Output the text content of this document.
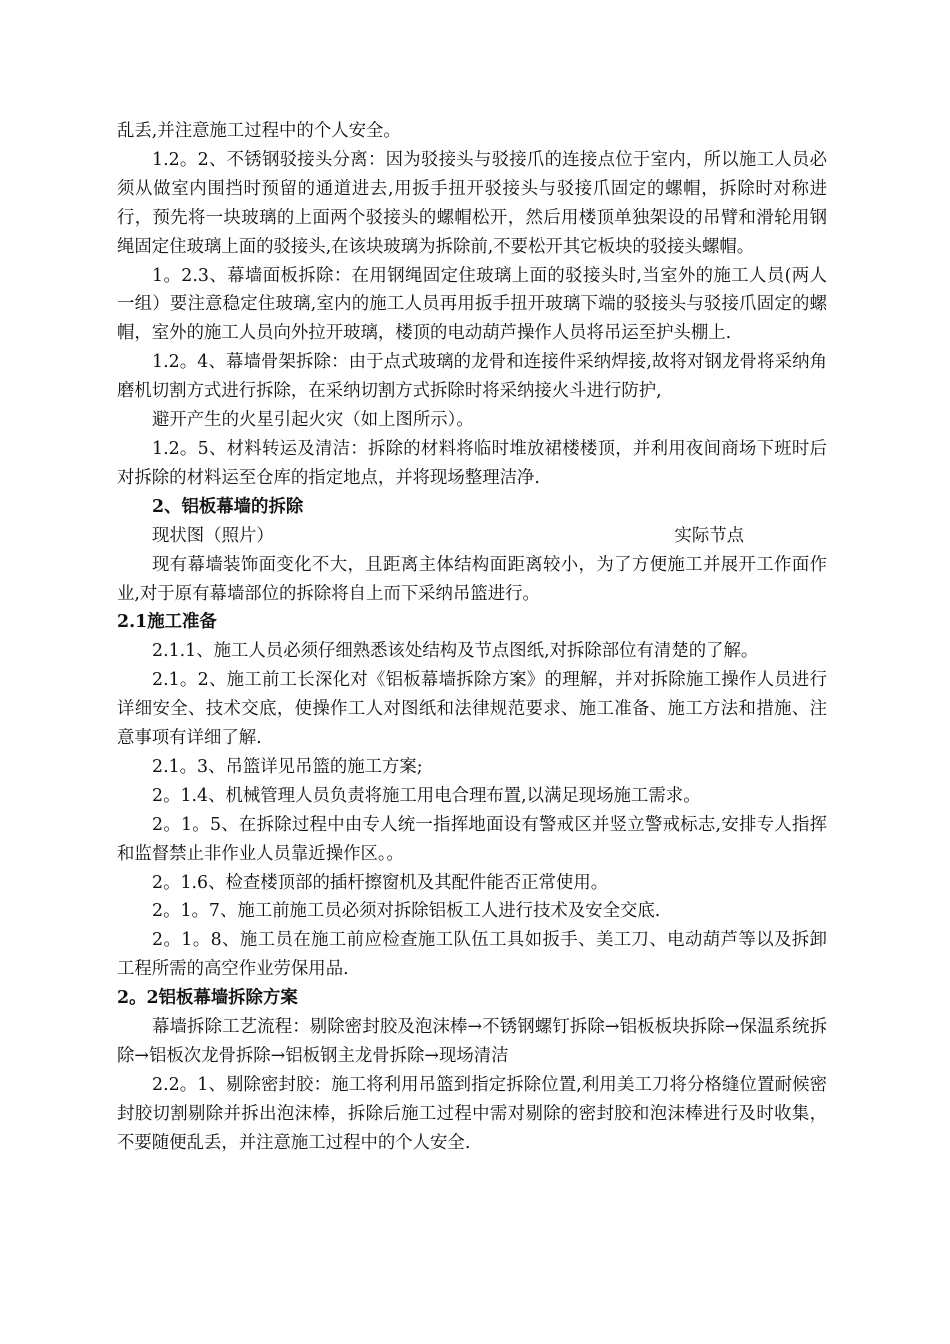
乱丢,并注意施工过程中的个人安全。

1.2。2、不锈钢驳接头分离：因为驳接头与驳接爪的连接点位于室内，所以施工人员必须从做室内围挡时预留的通道进去,用扳手扭开驳接头与驳接爪固定的螺帽，拆除时对称进行，预先将一块玻璃的上面两个驳接头的螺帽松开，然后用楼顶单独架设的吊臂和滑轮用钢绳固定住玻璃上面的驳接头,在该块玻璃为拆除前,不要松开其它板块的驳接头螺帽。

1。2.3、幕墙面板拆除：在用钢绳固定住玻璃上面的驳接头时,当室外的施工人员(两人一组）要注意稳定住玻璃,室内的施工人员再用扳手扭开玻璃下端的驳接头与驳接爪固定的螺帽，室外的施工人员向外拉开玻璃，楼顶的电动葫芦操作人员将吊运至护头棚上.

1.2。4、幕墙骨架拆除：由于点式玻璃的龙骨和连接件采纳焊接,故将对钢龙骨将采纳角磨机切割方式进行拆除，在采纳切割方式拆除时将采纳接火斗进行防护,

避开产生的火星引起火灾（如上图所示）。

1.2。5、材料转运及清洁：拆除的材料将临时堆放裙楼楼顶，并利用夜间商场下班时后对拆除的材料运至仓库的指定地点，并将现场整理洁净.

2、铝板幕墙的拆除

现状图（照片）	实际节点

现有幕墙装饰面变化不大，且距离主体结构面距离较小，为了方便施工并展开工作面作业,对于原有幕墙部位的拆除将自上而下采纳吊篮进行。

2.1施工准备

2.1.1、施工人员必须仔细熟悉该处结构及节点图纸,对拆除部位有清楚的了解。

2.1。2、施工前工长深化对《铝板幕墙拆除方案》的理解，并对拆除施工操作人员进行详细安全、技术交底，使操作工人对图纸和法律规范要求、施工准备、施工方法和措施、注意事项有详细了解.

2.1。3、吊篮详见吊篮的施工方案;

2。1.4、机械管理人员负责将施工用电合理布置,以满足现场施工需求。

2。1。5、在拆除过程中由专人统一指挥地面设有警戒区并竖立警戒标志,安排专人指挥和监督禁止非作业人员靠近操作区。。

2。1.6、检查楼顶部的插杆擦窗机及其配件能否正常使用。

2。1。7、施工前施工员必须对拆除铝板工人进行技术及安全交底.

2。1。8、施工员在施工前应检查施工队伍工具如扳手、美工刀、电动葫芦等以及拆卸工程所需的高空作业劳保用品.

2。2铝板幕墙拆除方案

幕墙拆除工艺流程：剔除密封胶及泡沫棒→不锈钢螺钉拆除→铝板板块拆除→保温系统拆除→铝板次龙骨拆除→铝板钢主龙骨拆除→现场清洁

2.2。1、剔除密封胶：施工将利用吊篮到指定拆除位置,利用美工刀将分格缝位置耐候密封胶切割剔除并拆出泡沫棒，拆除后施工过程中需对剔除的密封胶和泡沫棒进行及时收集，不要随便乱丢，并注意施工过程中的个人安全.
